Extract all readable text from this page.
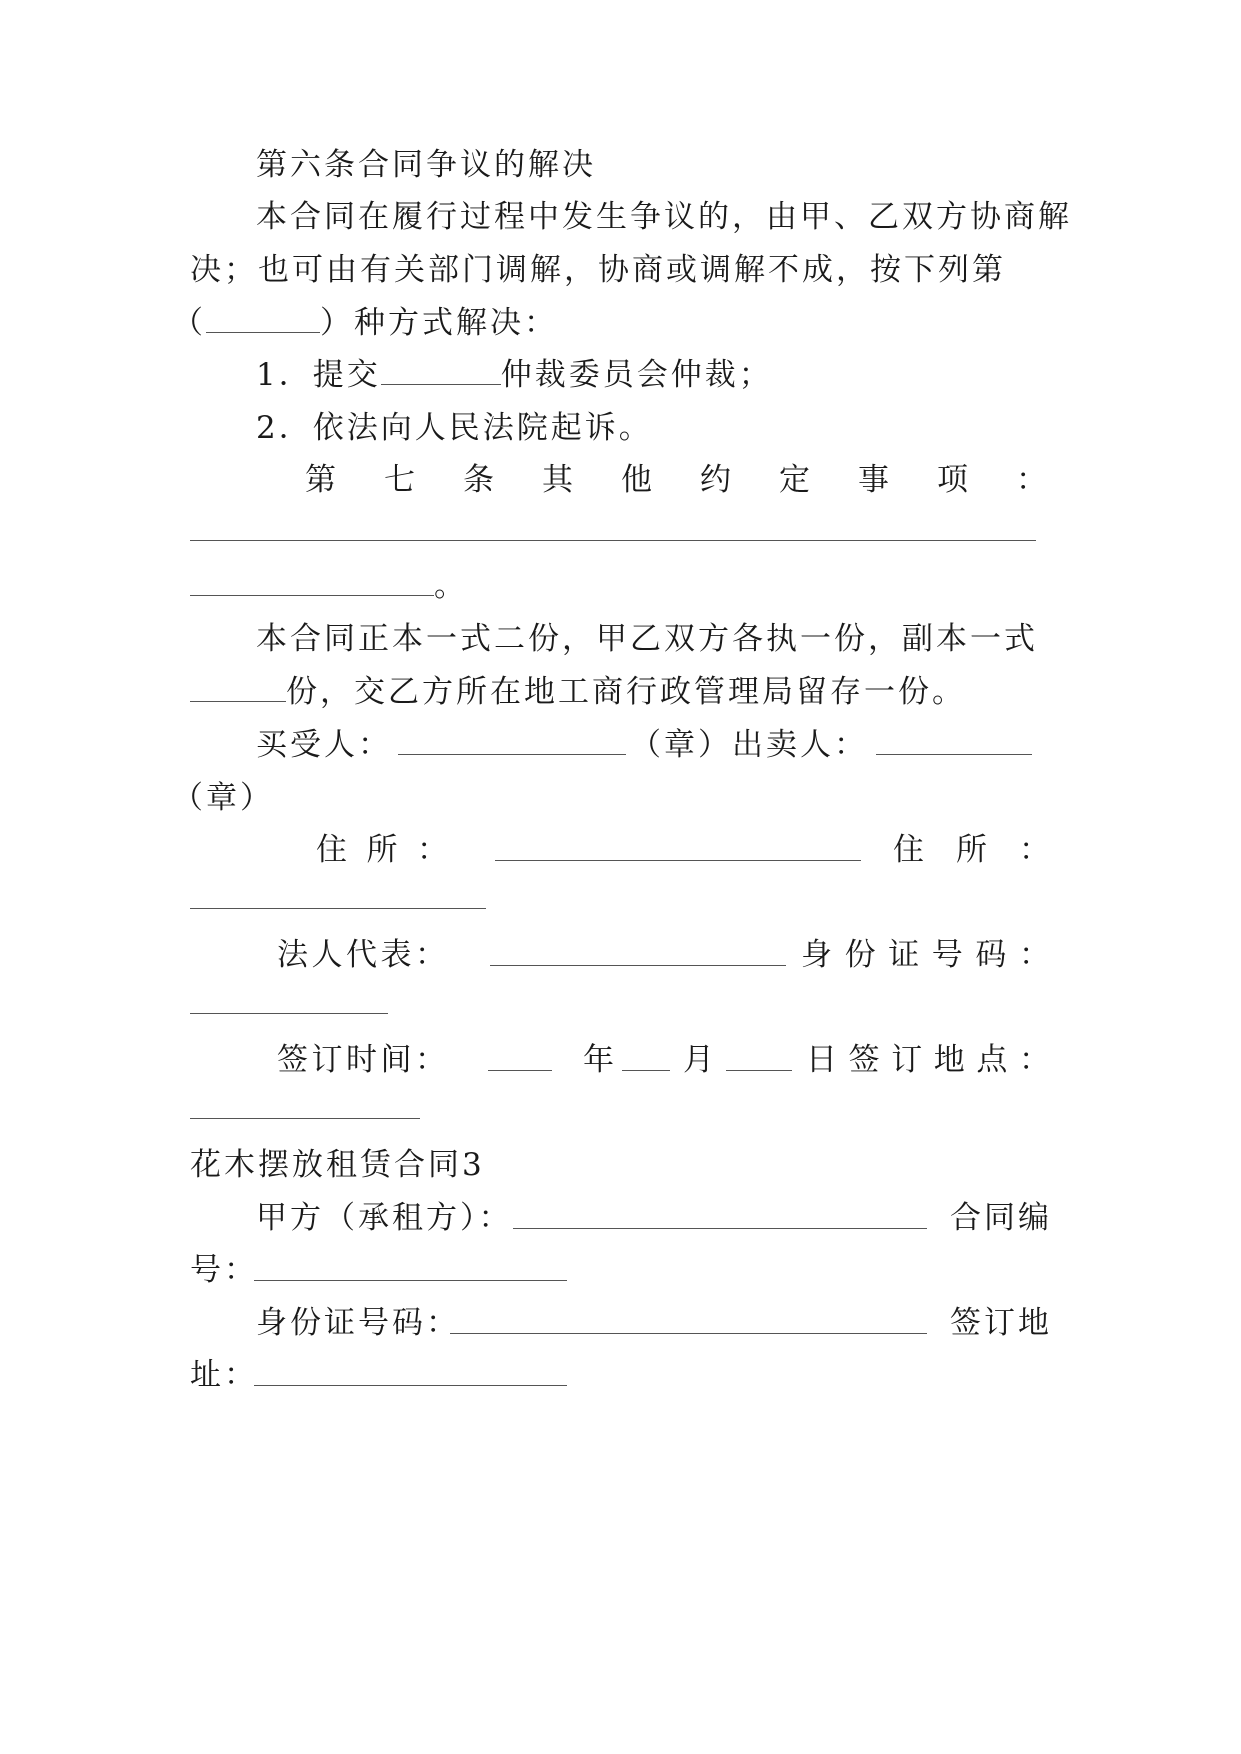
第六条合同争议的解决
本合同在履行过程中发生争议的，由甲、乙双方协商解
决；也可由有关部门调解，协商或调解不成，按下列第
（	）种方式解决：
1．提交	仲裁委员会仲裁；
2．依法向人民法院起诉。
第 七 条 其 他 约 定 事 项 ：
。
本合同正本一式二份，甲乙双方各执一份，副本一式
份，交乙方所在地工商行政管理局留存一份。
买受人：	（章）出卖人：
（章）
住 所 ：	住 所 ：
法 人 代 表 ：	身 份 证 号 码 ：
签 订 时 间 ：	年 月	日 签 订 地 点 ：
花木摆放租赁合同3
甲方（承租方）：	合同编
号：
身份证号码：	签订地
址：
